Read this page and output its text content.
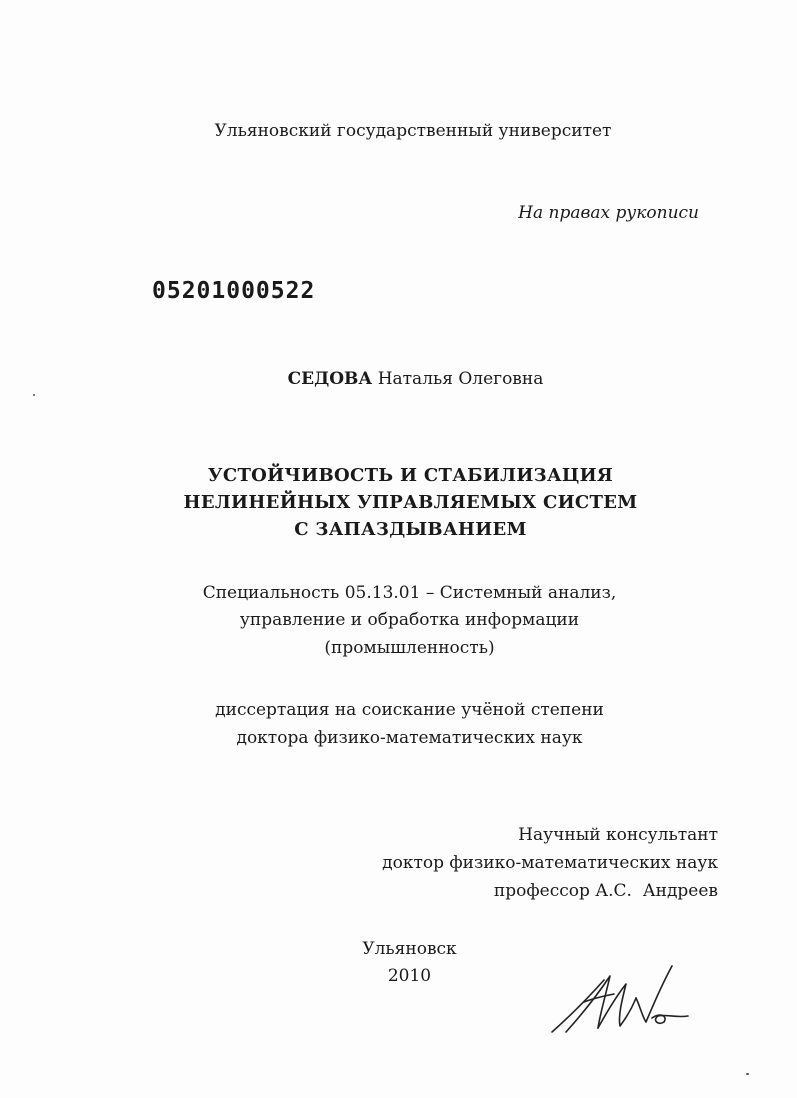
Ульяновский государственный университет
На правах рукописи
05201000522
СЕДОВА Наталья Олеговна
УСТОЙЧИВОСТЬ И СТАБИЛИЗАЦИЯ
НЕЛИНЕЙНЫХ УПРАВЛЯЕМЫХ СИСТЕМ
С ЗАПАЗДЫВАНИЕМ
Специальность 05.13.01 – Системный анализ,
управление и обработка информации
(промышленность)
диссертация на соискание учёной степени
доктора физико-математических наук
Научный консультант
доктор физико-математических наук
профессор А.С.  Андреев
Ульяновск
2010
